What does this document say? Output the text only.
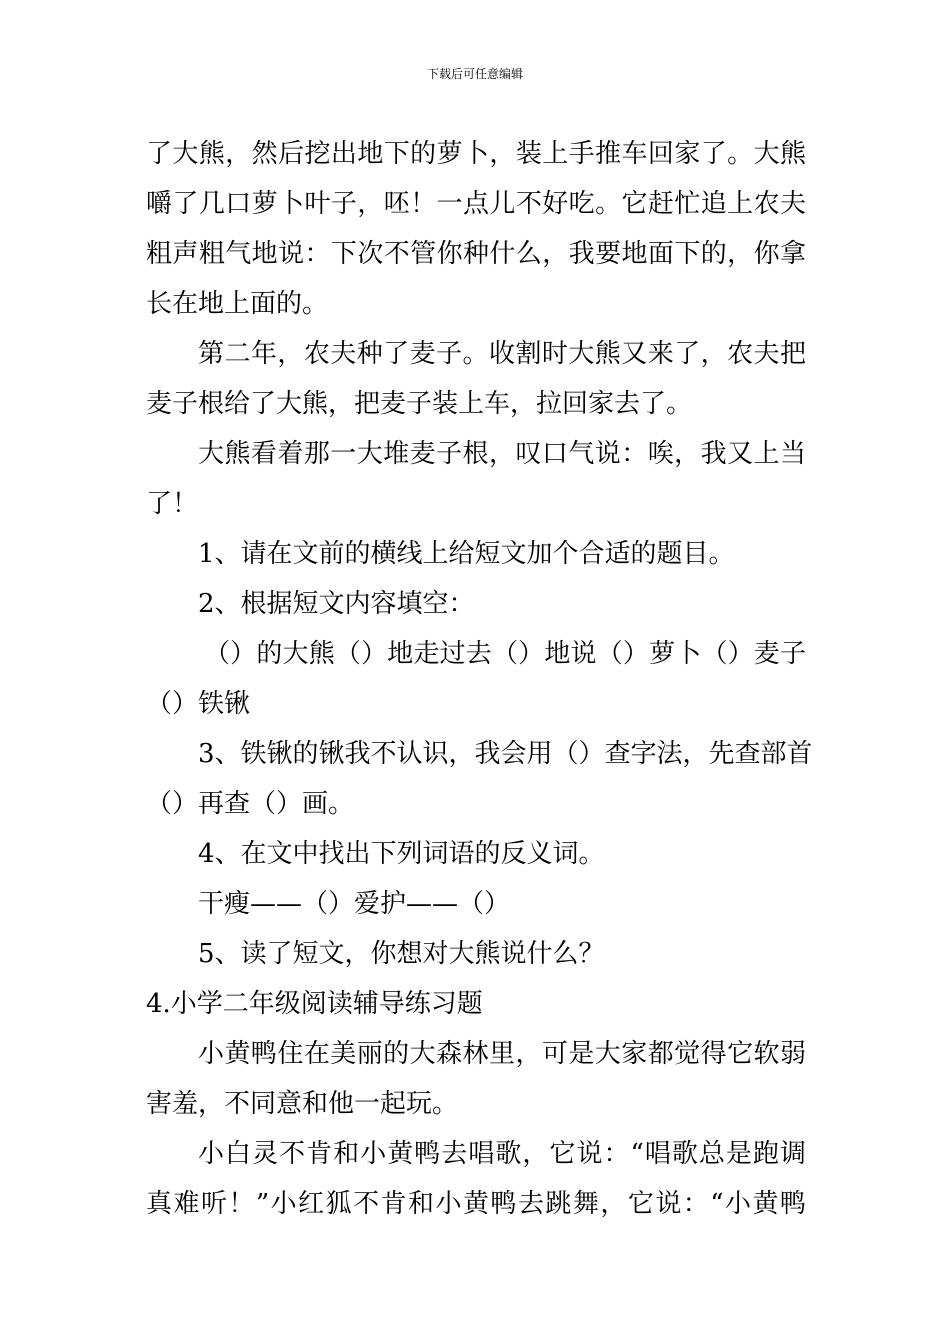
下载后可任意编辑
了大熊，然后挖出地下的萝卜，装上手推车回家了。大熊
嚼了几口萝卜叶子，呸！一点儿不好吃。它赶忙追上农夫
粗声粗气地说：下次不管你种什么，我要地面下的，你拿
长在地上面的。
第二年，农夫种了麦子。收割时大熊又来了，农夫把
麦子根给了大熊，把麦子装上车，拉回家去了。
大熊看着那一大堆麦子根，叹口气说：唉，我又上当
了！
1、请在文前的横线上给短文加个合适的题目。
2、根据短文内容填空：
（）的大熊（）地走过去（）地说（）萝卜（）麦子
（）铁锹
3、铁锹的锹我不认识，我会用（）查字法，先查部首
（）再查（）画。
4、在文中找出下列词语的反义词。
干瘦——（）爱护——（）
5、读了短文，你想对大熊说什么？
4.小学二年级阅读辅导练习题
小黄鸭住在美丽的大森林里，可是大家都觉得它软弱
害羞，不同意和他一起玩。
小白灵不肯和小黄鸭去唱歌，它说：“唱歌总是跑调
真难听！”小红狐不肯和小黄鸭去跳舞，它说：“小黄鸭
